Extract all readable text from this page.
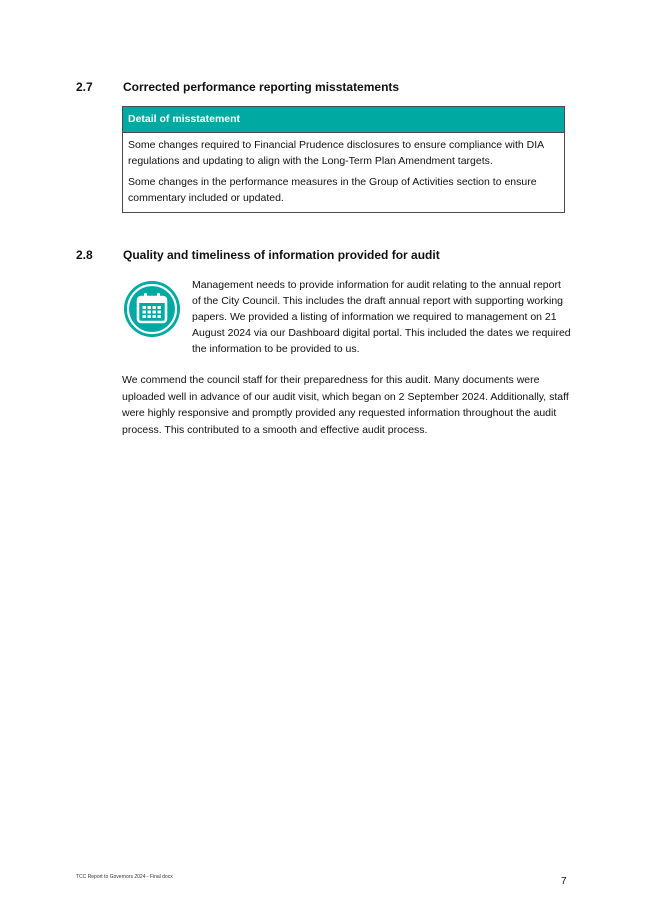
2.7	Corrected performance reporting misstatements
Detail of misstatement

Some changes required to Financial Prudence disclosures to ensure compliance with DIA regulations and updating to align with the Long-Term Plan Amendment targets.

Some changes in the performance measures in the Group of Activities section to ensure commentary included or updated.

2.8	Quality and timeliness of information provided for audit

Management needs to provide information for audit relating to the annual report of the City Council. This includes the draft annual report with supporting working papers. We provided a listing of information we required to management on 21 August 2024 via our Dashboard digital portal. This included the dates we required the information to be provided to us.

We commend the council staff for their preparedness for this audit. Many documents were uploaded well in advance of our audit visit, which began on 2 September 2024. Additionally, staff were highly responsive and promptly provided any requested information throughout the audit process. This contributed to a smooth and effective audit process.

TCC Report to Governors 2024 - Final docx	7
